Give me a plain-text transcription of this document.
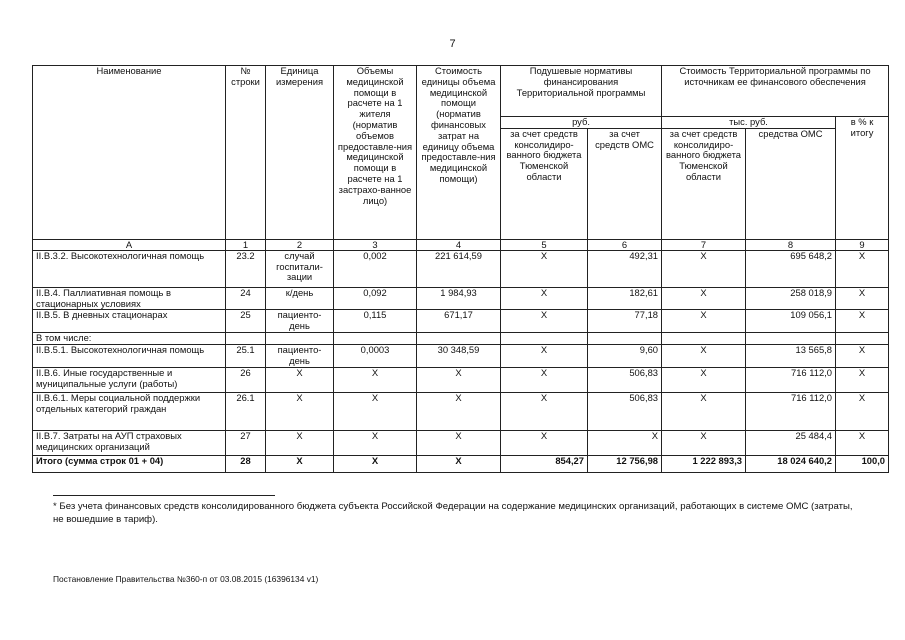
7
Наименование	№ строки	Единица измерения	Объемы медицинской помощи в расчете на 1 жителя (норматив объемов предоставле-ния медицинской помощи в расчете на 1 застрахо-ванное лицо)	Стоимость единицы объема медицинской помощи (норматив финансовых затрат на единицу объема предоставле-ния медицинской помощи)	Подушевые нормативы финансирования Территориальной программы		Стоимость Территориальной программы по источникам ее финансового обеспечения		
					руб.		тыс. руб.		в % к итогу
					за счет средств консолидиро-ванного бюджета Тюменской области	за счет средств ОМС	за счет средств консолидиро-ванного бюджета Тюменской области	средства ОМС	
А	1	2	3	4	5	6	7	8	9
II.В.3.2. Высокотехнологичная помощь	23.2	случай госпитали-зации	0,002	221 614,59	Х	492,31	Х	695 648,2	Х
II.В.4. Паллиативная помощь в стационарных условиях	24	к/день	0,092	1 984,93	Х	182,61	Х	258 018,9	Х
II.В.5. В дневных стационарах	25	пациенто-день	0,115	671,17	Х	77,18	Х	109 056,1	Х
В том числе:									
II.В.5.1. Высокотехнологичная помощь	25.1	пациенто-день	0,0003	30 348,59	Х	9,60	Х	13 565,8	Х
II.В.6. Иные государственные и муниципальные услуги (работы)	26	Х	Х	Х	Х	506,83	Х	716 112,0	Х
II.В.6.1. Меры социальной поддержки отдельных категорий граждан	26.1	Х	Х	Х	Х	506,83	Х	716 112,0	Х
II.В.7. Затраты на АУП страховых медицинских организаций	27	Х	Х	Х	Х	Х	Х	25 484,4	Х
Итого (сумма строк 01 + 04)	28	Х	Х	Х	854,27	12 756,98	1 222 893,3	18 024 640,2	100,0
* Без учета финансовых средств консолидированного бюджета субъекта Российской Федерации на содержание медицинских организаций, работающих в системе ОМС (затраты, не вошедшие в тариф).
Постановление Правительства №360-п от 03.08.2015 (16396134 v1)
